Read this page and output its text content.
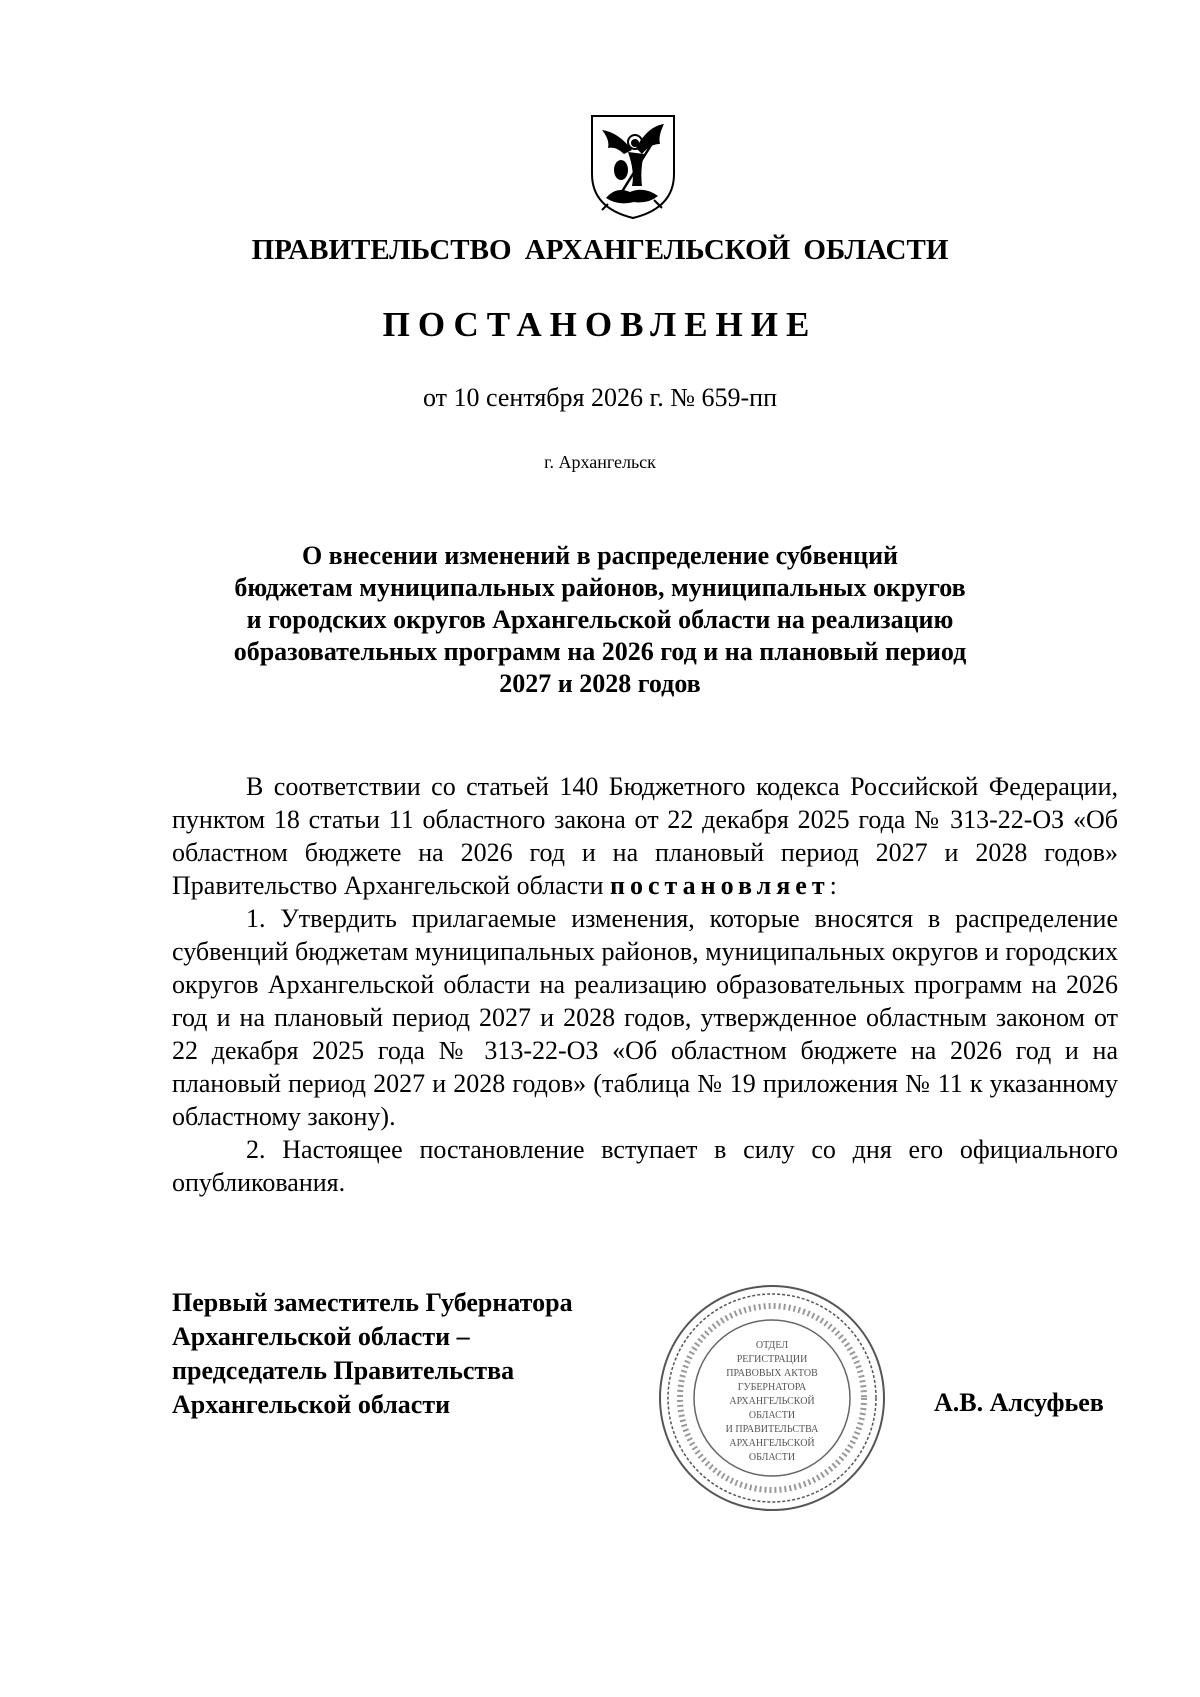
ПРАВИТЕЛЬСТВО АРХАНГЕЛЬСКОЙ ОБЛАСТИ
ПОСТАНОВЛЕНИЕ
от 10 сентября 2026 г. № 659-пп
г. Архангельск
О внесении изменений в распределение субвенций
бюджетам муниципальных районов, муниципальных округов
и городских округов Архангельской области на реализацию
образовательных программ на 2026 год и на плановый период
2027 и 2028 годов

В соответствии со статьей 140 Бюджетного кодекса Российской Федерации, пунктом 18 статьи 11 областного закона от 22 декабря 2025 года № 313-22-ОЗ «Об областном бюджете на 2026 год и на плановый период 2027 и 2028 годов» Правительство Архангельской области постановляет:

1. Утвердить прилагаемые изменения, которые вносятся в распределение субвенций бюджетам муниципальных районов, муниципальных округов и городских округов Архангельской области на реализацию образовательных программ на 2026 год и на плановый период 2027 и 2028 годов, утвержденное областным законом от 22 декабря 2025 года № 313-22-ОЗ «Об областном бюджете на 2026 год и на плановый период 2027 и 2028 годов» (таблица № 19 приложения № 11 к указанному областному закону).

2. Настоящее постановление вступает в силу со дня его официального опубликования.

Первый заместитель Губернатора
Архангельской области –
председатель Правительства
Архангельской области
ОТДЕЛ
РЕГИСТРАЦИИ
ПРАВОВЫХ АКТОВ
ГУБЕРНАТОРА
АРХАНГЕЛЬСКОЙ
ОБЛАСТИ
И ПРАВИТЕЛЬСТВА
АРХАНГЕЛЬСКОЙ
ОБЛАСТИ
А.В. Алсуфьев
